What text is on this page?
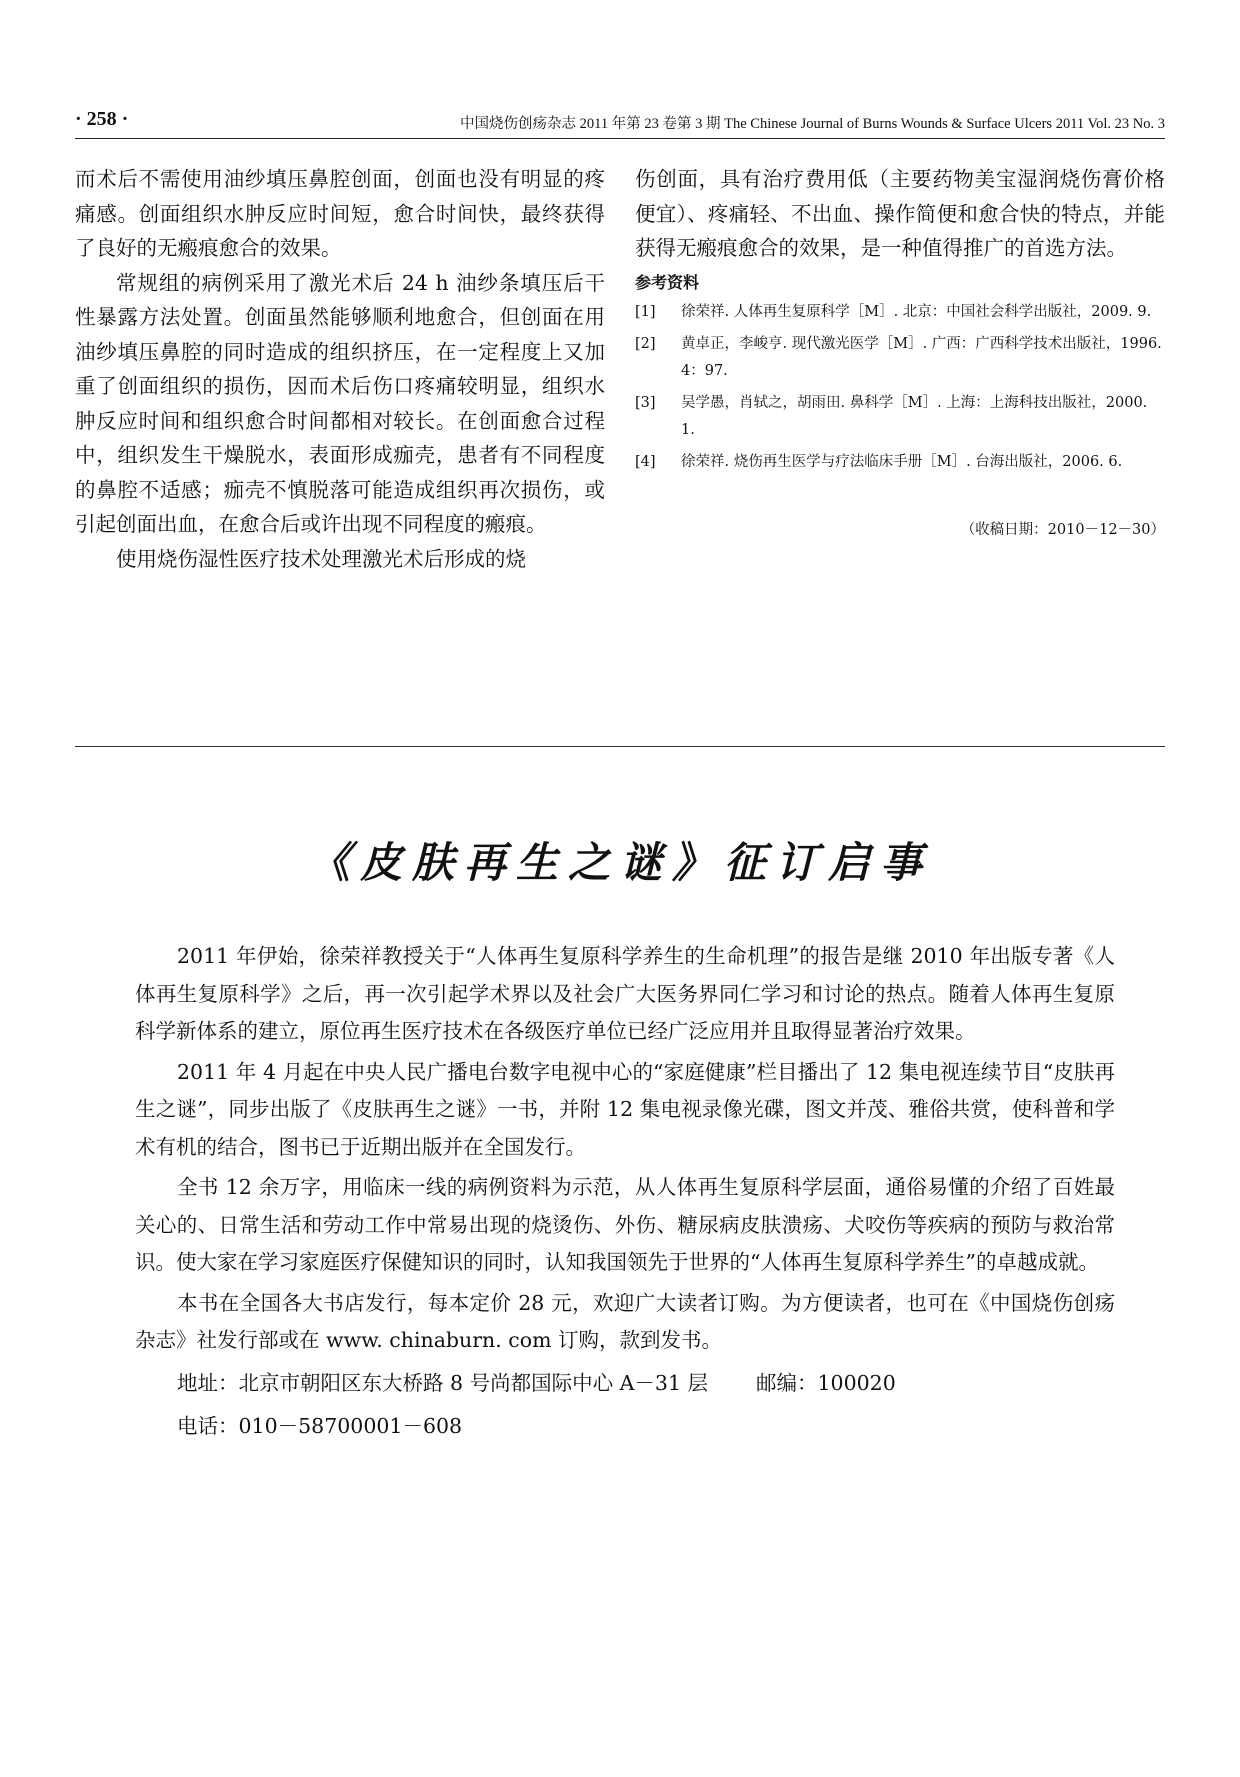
· 258 ·	中国烧伤创疡杂志 2011 年第 23 卷第 3 期 The Chinese Journal of Burns Wounds & Surface Ulcers 2011 Vol. 23 No. 3

而术后不需使用油纱填压鼻腔创面，创面也没有明显的疼痛感。创面组织水肿反应时间短，愈合时间快，最终获得了良好的无瘢痕愈合的效果。

常规组的病例采用了激光术后 24 h 油纱条填压后干性暴露方法处置。创面虽然能够顺利地愈合，但创面在用油纱填压鼻腔的同时造成的组织挤压，在一定程度上又加重了创面组织的损伤，因而术后伤口疼痛较明显，组织水肿反应时间和组织愈合时间都相对较长。在创面愈合过程中，组织发生干燥脱水，表面形成痂壳，患者有不同程度的鼻腔不适感；痂壳不慎脱落可能造成组织再次损伤，或引起创面出血，在愈合后或许出现不同程度的瘢痕。

使用烧伤湿性医疗技术处理激光术后形成的烧

伤创面，具有治疗费用低（主要药物美宝湿润烧伤膏价格便宜）、疼痛轻、不出血、操作简便和愈合快的特点，并能获得无瘢痕愈合的效果，是一种值得推广的首选方法。

参考资料

[1] 徐荣祥. 人体再生复原科学［M］. 北京：中国社会科学出版社，2009. 9.

[2] 黄卓正，李峻亨. 现代激光医学［M］. 广西：广西科学技术出版社，1996. 4：97.

[3] 吴学愚，肖轼之，胡雨田. 鼻科学［M］. 上海：上海科技出版社，2000. 1.

[4] 徐荣祥. 烧伤再生医学与疗法临床手册［M］. 台海出版社，2006. 6.

（收稿日期：2010－12－30）
《皮肤再生之谜》征订启事

2011 年伊始，徐荣祥教授关于“人体再生复原科学养生的生命机理”的报告是继 2010 年出版专著《人体再生复原科学》之后，再一次引起学术界以及社会广大医务界同仁学习和讨论的热点。随着人体再生复原科学新体系的建立，原位再生医疗技术在各级医疗单位已经广泛应用并且取得显著治疗效果。

2011 年 4 月起在中央人民广播电台数字电视中心的“家庭健康”栏目播出了 12 集电视连续节目“皮肤再生之谜”，同步出版了《皮肤再生之谜》一书，并附 12 集电视录像光碟，图文并茂、雅俗共赏，使科普和学术有机的结合，图书已于近期出版并在全国发行。

全书 12 余万字，用临床一线的病例资料为示范，从人体再生复原科学层面，通俗易懂的介绍了百姓最关心的、日常生活和劳动工作中常易出现的烧烫伤、外伤、糖尿病皮肤溃疡、犬咬伤等疾病的预防与救治常识。使大家在学习家庭医疗保健知识的同时，认知我国领先于世界的“人体再生复原科学养生”的卓越成就。

本书在全国各大书店发行，每本定价 28 元，欢迎广大读者订购。为方便读者，也可在《中国烧伤创疡杂志》社发行部或在 www. chinaburn. com 订购，款到发书。

地址：北京市朝阳区东大桥路 8 号尚都国际中心 A－31 层 邮编：100020

电话：010－58700001－608
